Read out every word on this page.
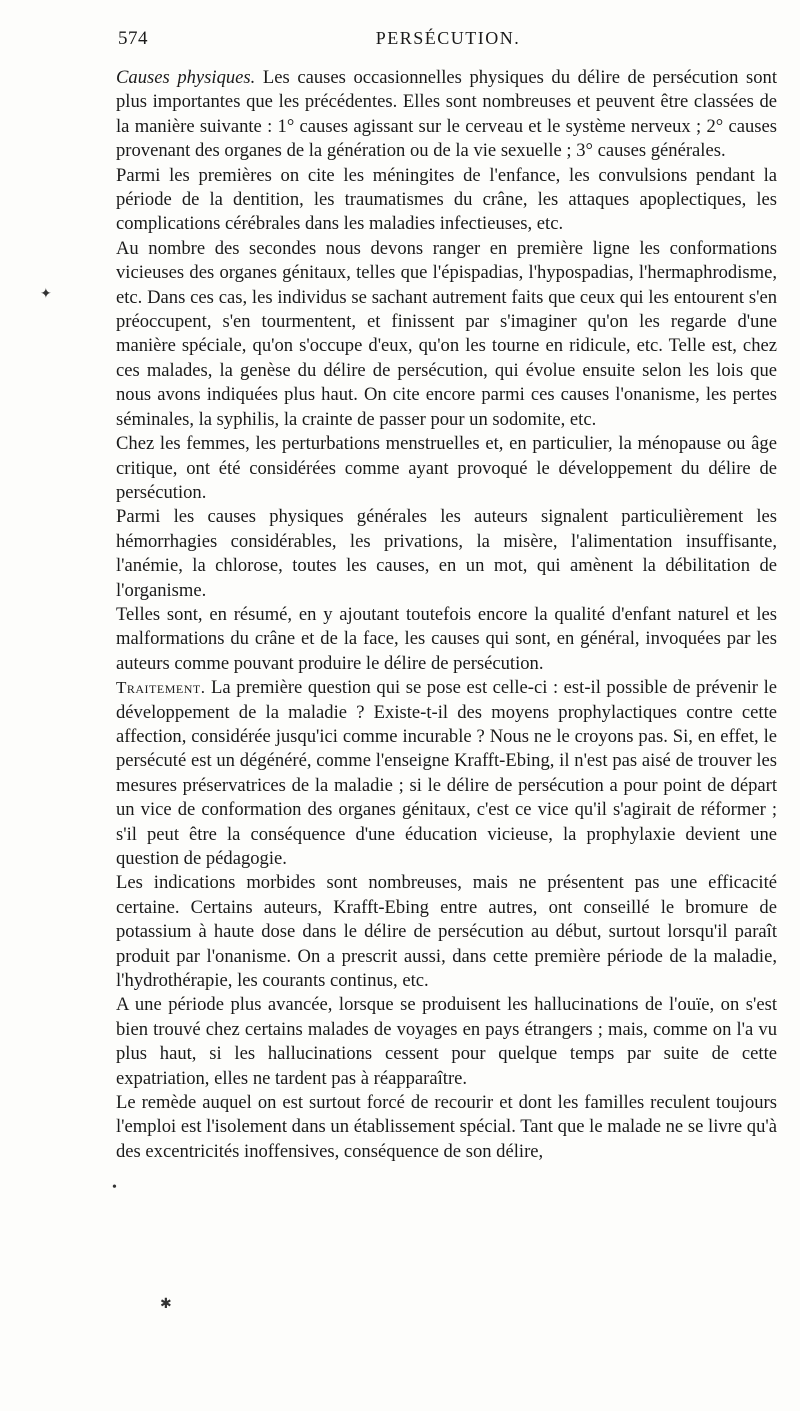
574	PERSÉCUTION.

Causes physiques. Les causes occasionnelles physiques du délire de persécution sont plus importantes que les précédentes. Elles sont nombreuses et peuvent être classées de la manière suivante : 1° causes agissant sur le cerveau et le système nerveux ; 2° causes provenant des organes de la génération ou de la vie sexuelle ; 3° causes générales.

Parmi les premières on cite les méningites de l'enfance, les convulsions pendant la période de la dentition, les traumatismes du crâne, les attaques apoplectiques, les complications cérébrales dans les maladies infectieuses, etc.

Au nombre des secondes nous devons ranger en première ligne les conformations vicieuses des organes génitaux, telles que l'épispadias, l'hypospadias, l'hermaphrodisme, etc. Dans ces cas, les individus se sachant autrement faits que ceux qui les entourent s'en préoccupent, s'en tourmentent, et finissent par s'imaginer qu'on les regarde d'une manière spéciale, qu'on s'occupe d'eux, qu'on les tourne en ridicule, etc. Telle est, chez ces malades, la genèse du délire de persécution, qui évolue ensuite selon les lois que nous avons indiquées plus haut. On cite encore parmi ces causes l'onanisme, les pertes séminales, la syphilis, la crainte de passer pour un sodomite, etc.

Chez les femmes, les perturbations menstruelles et, en particulier, la ménopause ou âge critique, ont été considérées comme ayant provoqué le développement du délire de persécution.

Parmi les causes physiques générales les auteurs signalent particulièrement les hémorrhagies considérables, les privations, la misère, l'alimentation insuffisante, l'anémie, la chlorose, toutes les causes, en un mot, qui amènent la débilitation de l'organisme.

Telles sont, en résumé, en y ajoutant toutefois encore la qualité d'enfant naturel et les malformations du crâne et de la face, les causes qui sont, en général, invoquées par les auteurs comme pouvant produire le délire de persécution.

Traitement. La première question qui se pose est celle-ci : est-il possible de prévenir le développement de la maladie ? Existe-t-il des moyens prophylactiques contre cette affection, considérée jusqu'ici comme incurable ? Nous ne le croyons pas. Si, en effet, le persécuté est un dégénéré, comme l'enseigne Krafft-Ebing, il n'est pas aisé de trouver les mesures préservatrices de la maladie ; si le délire de persécution a pour point de départ un vice de conformation des organes génitaux, c'est ce vice qu'il s'agirait de réformer ; s'il peut être la conséquence d'une éducation vicieuse, la prophylaxie devient une question de pédagogie.

Les indications morbides sont nombreuses, mais ne présentent pas une efficacité certaine. Certains auteurs, Krafft-Ebing entre autres, ont conseillé le bromure de potassium à haute dose dans le délire de persécution au début, surtout lorsqu'il paraît produit par l'onanisme. On a prescrit aussi, dans cette première période de la maladie, l'hydrothérapie, les courants continus, etc.

A une période plus avancée, lorsque se produisent les hallucinations de l'ouïe, on s'est bien trouvé chez certains malades de voyages en pays étrangers ; mais, comme on l'a vu plus haut, si les hallucinations cessent pour quelque temps par suite de cette expatriation, elles ne tardent pas à réapparaître.

Le remède auquel on est surtout forcé de recourir et dont les familles reculent toujours l'emploi est l'isolement dans un établissement spécial. Tant que le malade ne se livre qu'à des excentricités inoffensives, conséquence de son délire,

✦
•
✱
